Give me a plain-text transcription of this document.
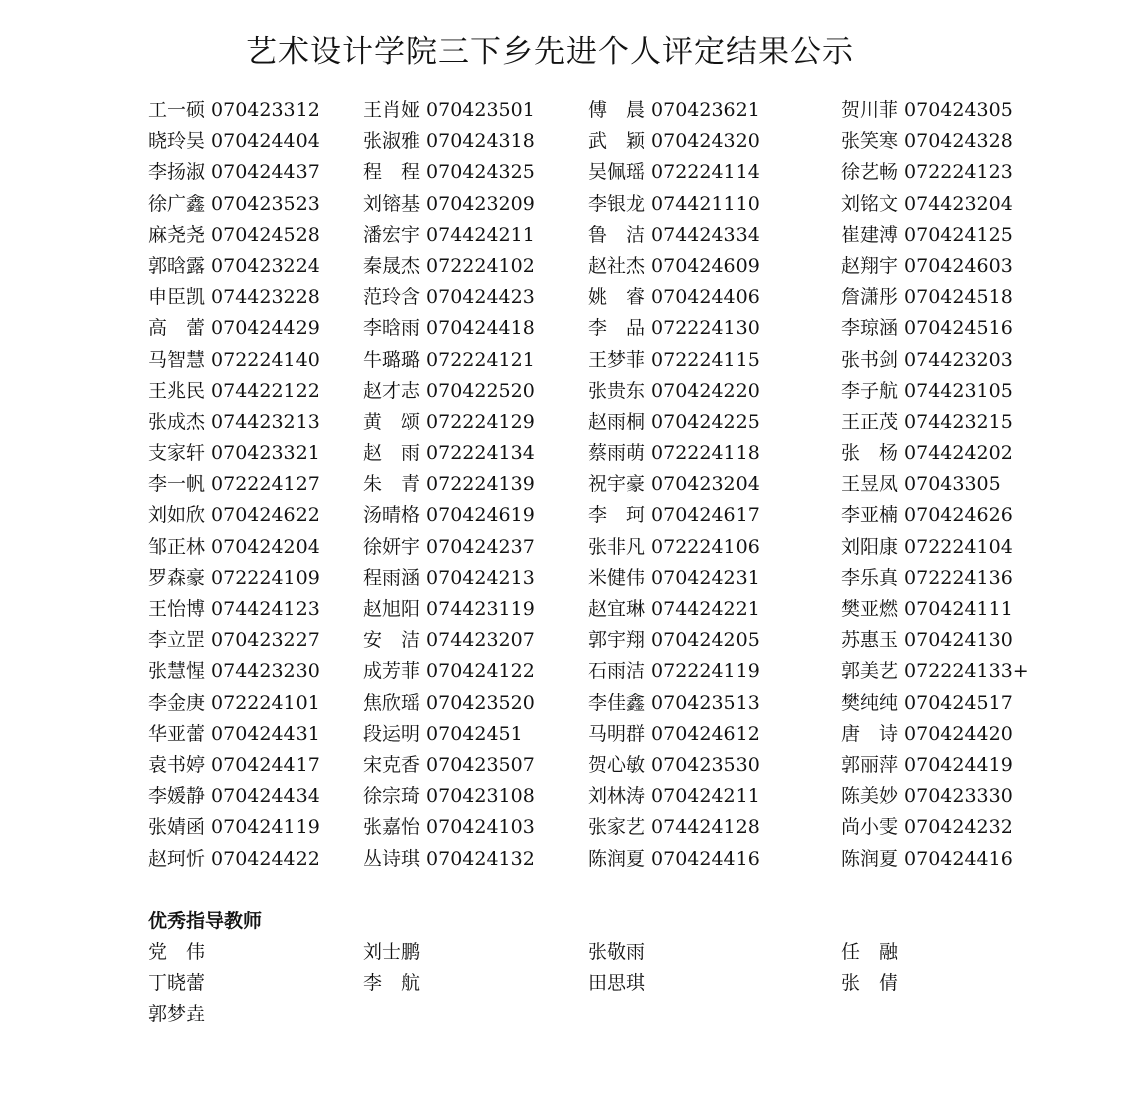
艺术设计学院三下乡先进个人评定结果公示
工一硕 070423312 王肖娅 070423501	傅　晨 070423621	贺川菲 070424305
晓玲吴 070424404 张淑雅 070424318	武　颖 070424320	张笑寒 070424328
李扬淑 070424437 程　程 070424325	吴佩瑶 072224114	徐艺畅 072224123
徐广鑫 070423523 刘镕基 070423209	李银龙 074421110	刘铭文 074423204
麻尧尧 070424528 潘宏宇 074424211	鲁　洁 074424334	崔建溥 070424125
郭晗露 070423224 秦晟杰 072224102	赵社杰 070424609	赵翔宇 070424603
申臣凯 074423228 范玲含 070424423	姚　睿 070424406	詹潇彤 070424518
高　蕾 070424429 李晗雨 070424418	李　品 072224130	李琼涵 070424516
马智慧 072224140 牛璐璐 072224121	王梦菲 072224115	张书剑 074423203
王兆民 074422122 赵才志 070422520	张贵东 070424220	李子航 074423105
张成杰 074423213 黄　颂 072224129	赵雨桐 070424225	王正茂 074423215
支家轩 070423321 赵　雨 072224134	蔡雨萌 072224118	张　杨 074424202
李一帆 072224127 朱　青 072224139	祝宇豪 070423204	王昱凤 07043305
刘如欣 070424622 汤晴格 070424619	李　珂 070424617	李亚楠 070424626
邹正林 070424204 徐妍宇 070424237	张非凡 072224106	刘阳康 072224104
罗森豪 072224109 程雨涵 070424213	米健伟 070424231	李乐真 072224136
王怡博 074424123 赵旭阳 074423119	赵宜琳 074424221	樊亚燃 070424111
李立罡 070423227 安　洁 074423207	郭宇翔 070424205	苏惠玉 070424130
张慧惺 074423230 成芳菲 070424122	石雨洁 072224119	郭美艺 072224133+
李金庚 072224101 焦欣瑶 070423520	李佳鑫 070423513	樊纯纯 070424517
华亚蕾 070424431 段运明 07042451	马明群 070424612	唐　诗 070424420
袁书婷 070424417 宋克香 070423507	贺心敏 070423530	郭丽萍 070424419
李媛静 070424434 徐宗琦 070423108	刘林涛 070424211	陈美妙 070423330
张婧函 070424119 张嘉怡 070424103	张家艺 074424128	尚小雯 070424232
赵珂忻 070424422 丛诗琪 070424132	陈润夏 070424416	陈润夏 070424416
优秀指导教师
党　伟	刘士鹏	张敬雨	任　融
丁晓蕾	李　航	田思琪	张　倩
郭梦垚
